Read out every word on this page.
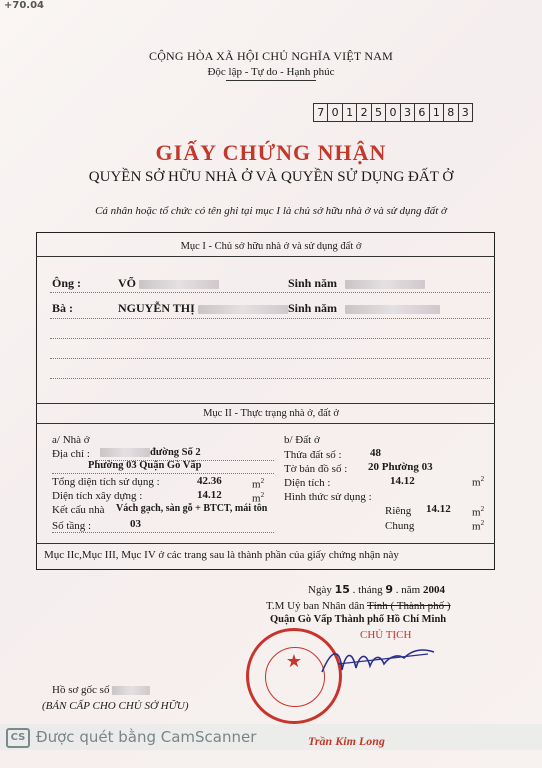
+70.04
CỘNG HÒA XÃ HỘI CHỦ NGHĨA VIỆT NAM
Độc lập - Tự do - Hạnh phúc
7 0 1 2 5 0 3 6 1 8 3
GIẤY CHỨNG NHẬN
QUYỀN SỞ HỮU NHÀ Ở VÀ QUYỀN SỬ DỤNG ĐẤT Ở
Cá nhân hoặc tổ chức có tên ghi tại mục I là chủ sở hữu nhà ở và sử dụng đất ở
Mục I - Chủ sở hữu nhà ở và sử dụng đất ở
Ông :	VÕ	Sinh năm
Bà :	NGUYỄN THỊ	Sinh năm
Mục II - Thực trạng nhà ở, đất ở
a/ Nhà ở
Địa chỉ :	đường Số 2
Phường 03 Quận Gò Vấp
Tổng diện tích sử dụng :	42.36	$m^2$
Diện tích xây dựng :	14.12	$m^2$
Kết cấu nhà Vách gạch, sàn gỗ + BTCT, mái tôn
Số tầng :	03
b/ Đất ở
Thửa đất số :	48
Tờ bản đồ số : 20 Phường 03
Diện tích :	14.12	$m^2$
Hình thức sử dụng :
Riêng 14.12 $m^2$
Chung	$m^2$
Mục IIc,Mục III, Mục IV ở các trang sau là thành phần của giấy chứng nhận này
Ngày 15 . tháng 9 . năm 2004
T.M Uỷ ban Nhân dân Tỉnh ( Thành phố )
Quận Gò Vấp Thành phố Hồ Chí Minh
CHỦ TỊCH
★
Hồ sơ gốc số
(BẢN CẤP CHO CHỦ SỞ HỮU)
CS Được quét bằng CamScanner	Trần Kim Long
